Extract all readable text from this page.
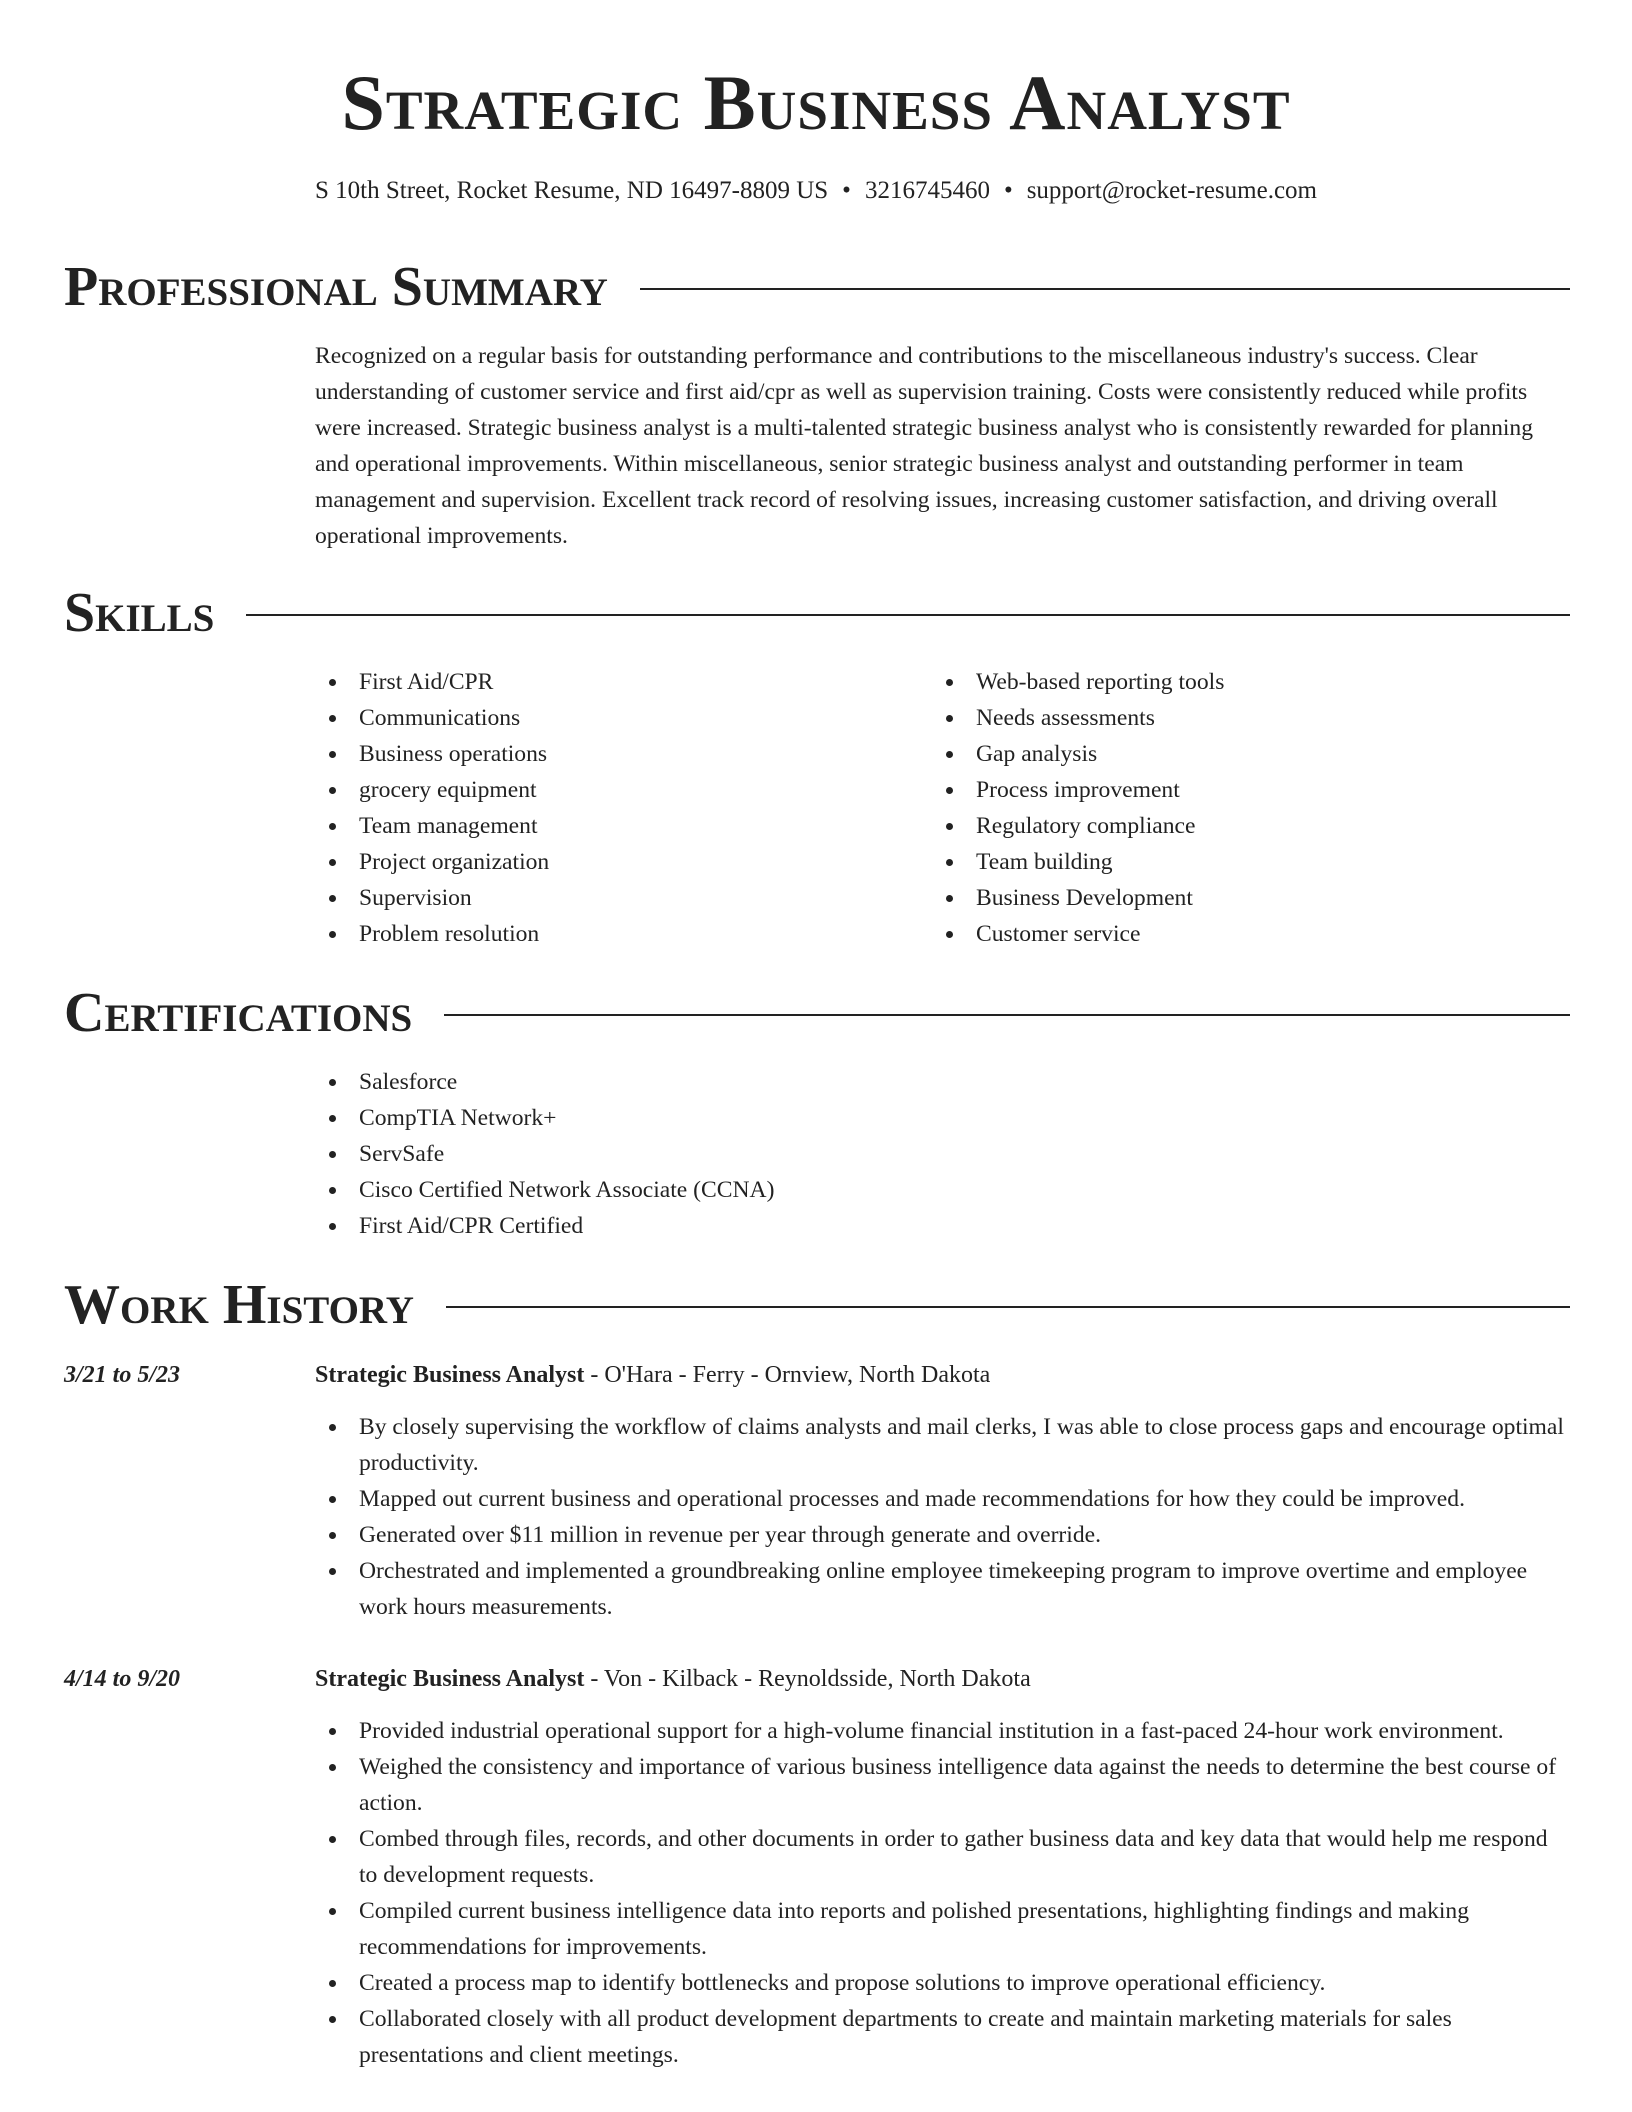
Strategic Business Analyst
S 10th Street, Rocket Resume, ND 16497-8809 US • 3216745460 • support@rocket-resume.com
Professional Summary

Recognized on a regular basis for outstanding performance and contributions to the miscellaneous industry's success. Clear understanding of customer service and first aid/cpr as well as supervision training. Costs were consistently reduced while profits were increased. Strategic business analyst is a multi-talented strategic business analyst who is consistently rewarded for planning and operational improvements. Within miscellaneous, senior strategic business analyst and outstanding performer in team management and supervision. Excellent track record of resolving issues, increasing customer satisfaction, and driving overall operational improvements.

Skills
First Aid/CPR
Communications
Business operations
grocery equipment
Team management
Project organization
Supervision
Problem resolution
Web-based reporting tools
Needs assessments
Gap analysis
Process improvement
Regulatory compliance
Team building
Business Development
Customer service
Certifications
Salesforce
CompTIA Network+
ServSafe
Cisco Certified Network Associate (CCNA)
First Aid/CPR Certified
Work History
3/21 to 5/23	Strategic Business Analyst - O'Hara - Ferry - Ornview, North Dakota
By closely supervising the workflow of claims analysts and mail clerks, I was able to close process gaps and encourage optimal productivity.
Mapped out current business and operational processes and made recommendations for how they could be improved.
Generated over $11 million in revenue per year through generate and override.
Orchestrated and implemented a groundbreaking online employee timekeeping program to improve overtime and employee work hours measurements.
4/14 to 9/20	Strategic Business Analyst - Von - Kilback - Reynoldsside, North Dakota
Provided industrial operational support for a high-volume financial institution in a fast-paced 24-hour work environment.
Weighed the consistency and importance of various business intelligence data against the needs to determine the best course of action.
Combed through files, records, and other documents in order to gather business data and key data that would help me respond to development requests.
Compiled current business intelligence data into reports and polished presentations, highlighting findings and making recommendations for improvements.
Created a process map to identify bottlenecks and propose solutions to improve operational efficiency.
Collaborated closely with all product development departments to create and maintain marketing materials for sales presentations and client meetings.
